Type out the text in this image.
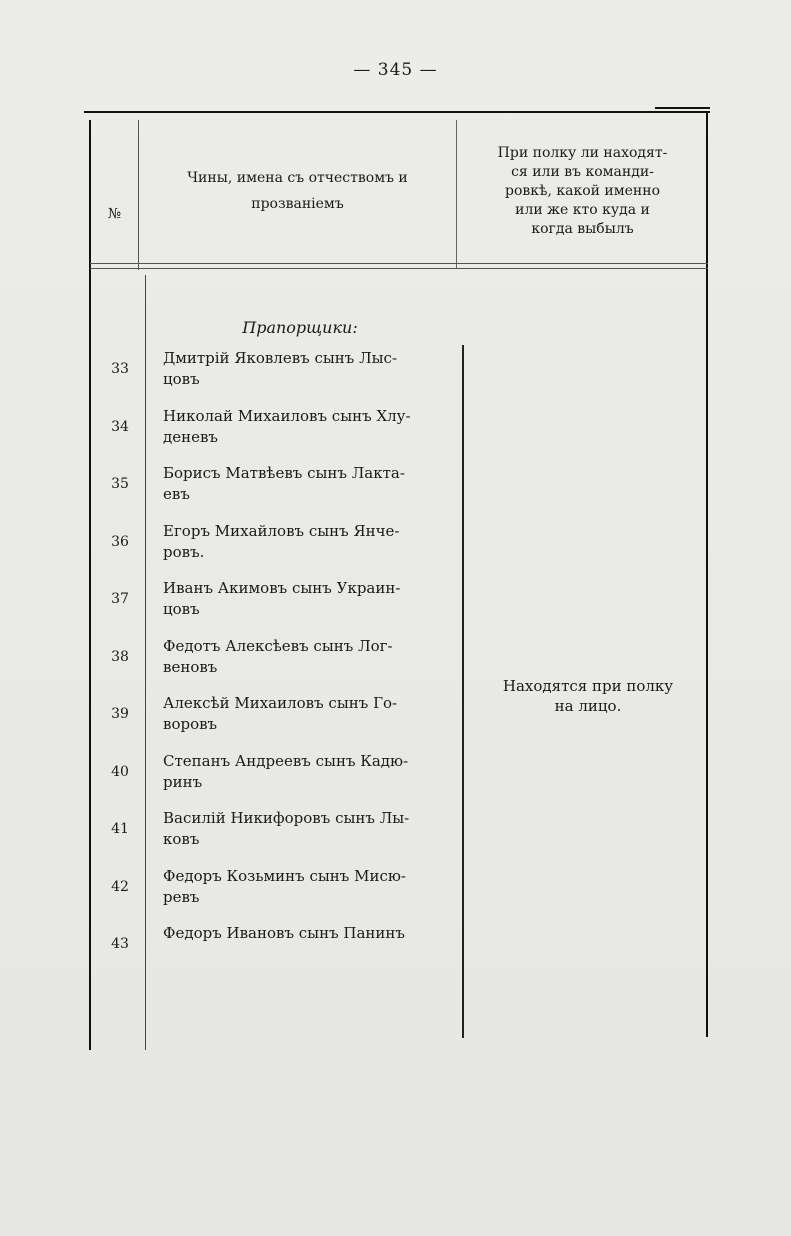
— 345 —
№
Чины, имена съ отчествомъ и
прозваніемъ
При полку ли находят-
ся или въ команди-
ровкѣ, какой именно
или же кто куда и
когда выбылъ
Прапорщики:
33
Дмитрій Яковлевъ сынъ Лыс-
цовъ
34
Николай Михаиловъ сынъ Хлу-
деневъ
35
Борисъ Матвѣевъ сынъ Лакта-
евъ
36
Егоръ Михайловъ сынъ Янче-
ровъ.
37
Иванъ Акимовъ сынъ Украин-
цовъ
38
Федотъ Алексѣевъ сынъ Лог-
веновъ
39
Алексѣй Михаиловъ сынъ Го-
воровъ
40
Степанъ Андреевъ сынъ Кадю-
ринъ
41
Василій Никифоровъ сынъ Лы-
ковъ
42
Федоръ Козьминъ сынъ Мисю-
ревъ
43
Федоръ Ивановъ сынъ Панинъ
Находятся при полку
на лицо.
